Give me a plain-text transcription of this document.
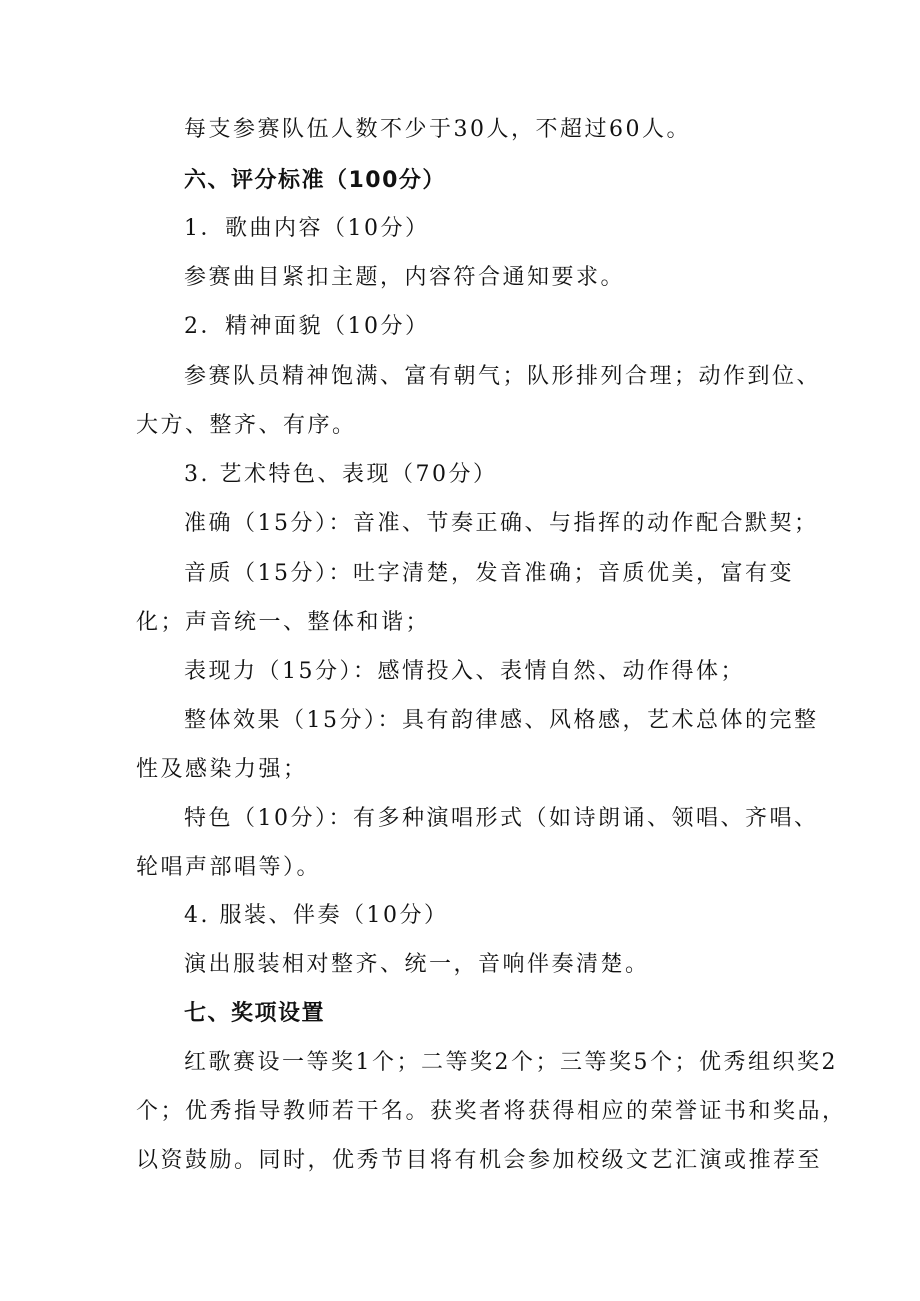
每支参赛队伍人数不少于30人，不超过60人。
六、评分标准（100分）
1．歌曲内容（10分）
参赛曲目紧扣主题，内容符合通知要求。
2．精神面貌（10分）
参赛队员精神饱满、富有朝气；队形排列合理；动作到位、
大方、整齐、有序。
3. 艺术特色、表现（70分）
准确（15分）：音准、节奏正确、与指挥的动作配合默契；
音质（15分）：吐字清楚，发音准确；音质优美，富有变
化；声音统一、整体和谐；
表现力（15分）：感情投入、表情自然、动作得体；
整体效果（15分）：具有韵律感、风格感，艺术总体的完整
性及感染力强；
特色（10分）：有多种演唱形式（如诗朗诵、领唱、齐唱、
轮唱声部唱等）。
4. 服装、伴奏（10分）
演出服装相对整齐、统一，音响伴奏清楚。
七、奖项设置
红歌赛设一等奖1个；二等奖2个；三等奖5个；优秀组织奖2
个；优秀指导教师若干名。获奖者将获得相应的荣誉证书和奖品，
以资鼓励。同时，优秀节目将有机会参加校级文艺汇演或推荐至
